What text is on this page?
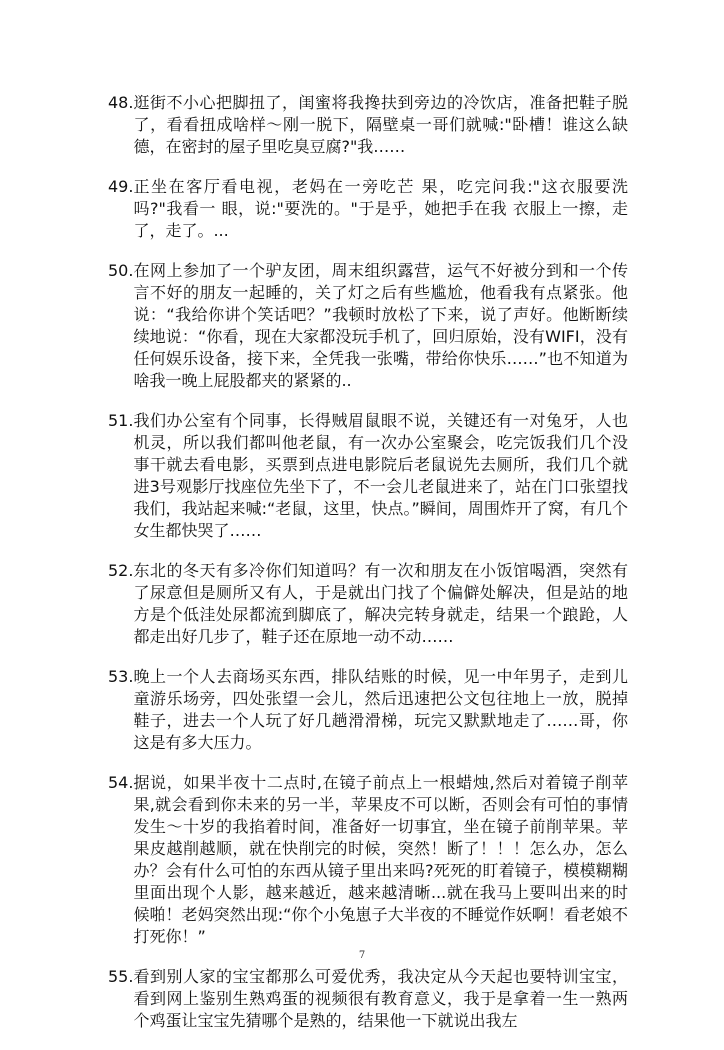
48. 逛街不小心把脚扭了，闺蜜将我搀扶到旁边的冷饮店，准备把鞋子脱了，看看扭成啥样～刚一脱下，隔壁桌一哥们就喊:"卧槽！谁这么缺德，在密封的屋子里吃臭豆腐?"我……
49. 正坐在客厅看电视，老妈在一旁吃芒 果，吃完问我:"这衣服要洗吗?"我看一 眼，说:"要洗的。"于是乎，她把手在我 衣服上一擦，走了，走了。...
50. 在网上参加了一个驴友团，周末组织露营，运气不好被分到和一个传言不好的朋友一起睡的，关了灯之后有些尴尬，他看我有点紧张。他说：“我给你讲个笑话吧？”我顿时放松了下来，说了声好。他断断续续地说：“你看，现在大家都没玩手机了，回归原始，没有WIFI，没有任何娱乐设备，接下来，全凭我一张嘴，带给你快乐……”也不知道为啥我一晚上屁股都夹的紧紧的..
51. 我们办公室有个同事，长得贼眉鼠眼不说，关键还有一对兔牙，人也机灵，所以我们都叫他老鼠，有一次办公室聚会，吃完饭我们几个没事干就去看电影，买票到点进电影院后老鼠说先去厕所，我们几个就进3号观影厅找座位先坐下了，不一会儿老鼠进来了，站在门口张望找我们，我站起来喊:“老鼠，这里，快点。”瞬间，周围炸开了窝，有几个女生都快哭了……
52. 东北的冬天有多冷你们知道吗？有一次和朋友在小饭馆喝酒，突然有了尿意但是厕所又有人，于是就出门找了个偏僻处解决，但是站的地方是个低洼处尿都流到脚底了，解决完转身就走，结果一个踉跄，人都走出好几步了，鞋子还在原地一动不动……
53. 晚上一个人去商场买东西，排队结账的时候，见一中年男子，走到儿童游乐场旁，四处张望一会儿，然后迅速把公文包往地上一放，脱掉鞋子，进去一个人玩了好几趟滑滑梯，玩完又默默地走了……哥，你这是有多大压力。
54. 据说，如果半夜十二点时,在镜子前点上一根蜡烛,然后对着镜子削苹果,就会看到你未来的另一半，苹果皮不可以断，否则会有可怕的事情发生～十岁的我掐着时间，准备好一切事宜，坐在镜子前削苹果。苹果皮越削越顺，就在快削完的时候，突然！断了！！！怎么办，怎么办？会有什么可怕的东西从镜子里出来吗?死死的盯着镜子，模模糊糊里面出现个人影，越来越近，越来越清晰...就在我马上要叫出来的时候啪！老妈突然出现:“你个小兔崽子大半夜的不睡觉作妖啊！看老娘不打死你！”
55. 看到别人家的宝宝都那么可爱优秀，我决定从今天起也要特训宝宝，看到网上鉴别生熟鸡蛋的视频很有教育意义，我于是拿着一生一熟两个鸡蛋让宝宝先猜哪个是熟的，结果他一下就说出我左
7
